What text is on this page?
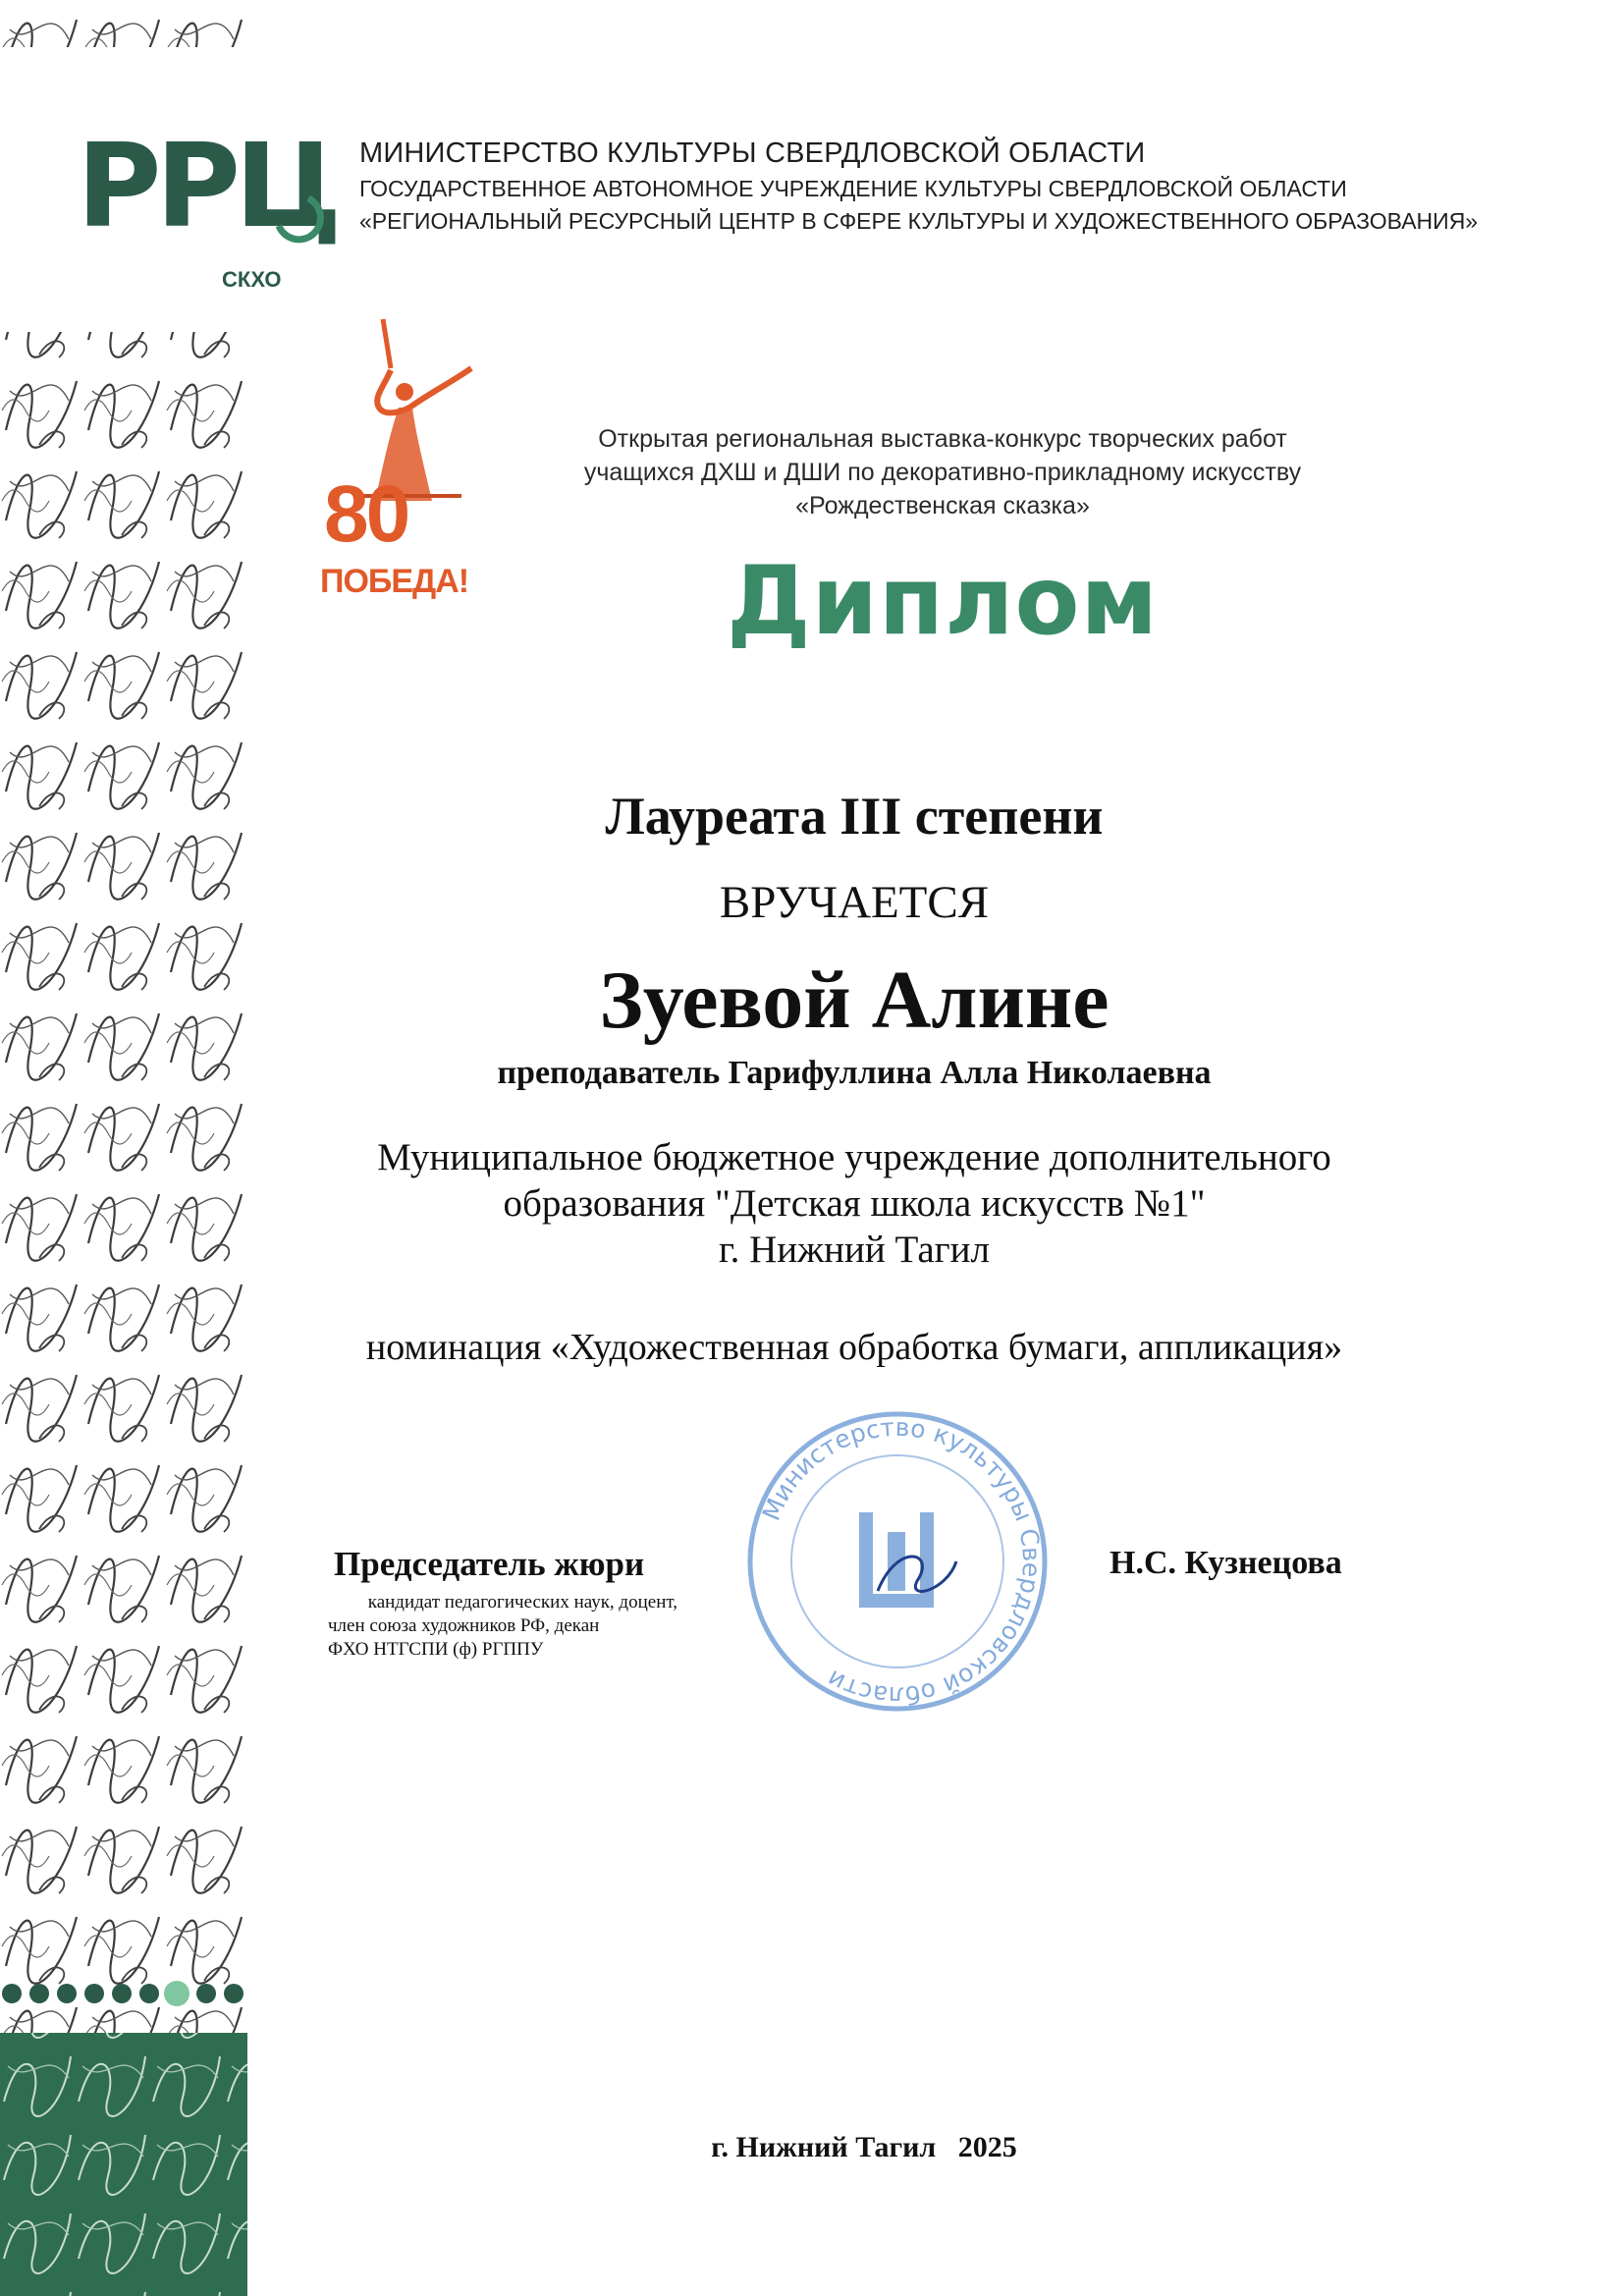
РРЦ
СКХО
МИНИСТЕРСТВО КУЛЬТУРЫ СВЕРДЛОВСКОЙ ОБЛАСТИ
ГОСУДАРСТВЕННОЕ АВТОНОМНОЕ УЧРЕЖДЕНИЕ КУЛЬТУРЫ СВЕРДЛОВСКОЙ ОБЛАСТИ
«РЕГИОНАЛЬНЫЙ РЕСУРСНЫЙ ЦЕНТР В СФЕРЕ КУЛЬТУРЫ И ХУДОЖЕСТВЕННОГО ОБРАЗОВАНИЯ»
80
ПОБЕДА!
Открытая региональная выставка-конкурс творческих работ
учащихся ДХШ и ДШИ по декоративно-прикладному искусству
«Рождественская сказка»
Диплом
Лауреата III степени
ВРУЧАЕТСЯ
Зуевой Алине
преподаватель Гарифуллина Алла Николаевна
Муниципальное бюджетное учреждение дополнительного
образования "Детская школа искусств №1"
г. Нижний Тагил
номинация «Художественная обработка бумаги, аппликация»
Министерство культуры Свердловской области
Председатель жюри
кандидат педагогических наук, доцент,
член союза художников РФ, декан
ФХО НТГСПИ (ф) РГППУ
Н.С. Кузнецова
г. Нижний Тагил   2025
